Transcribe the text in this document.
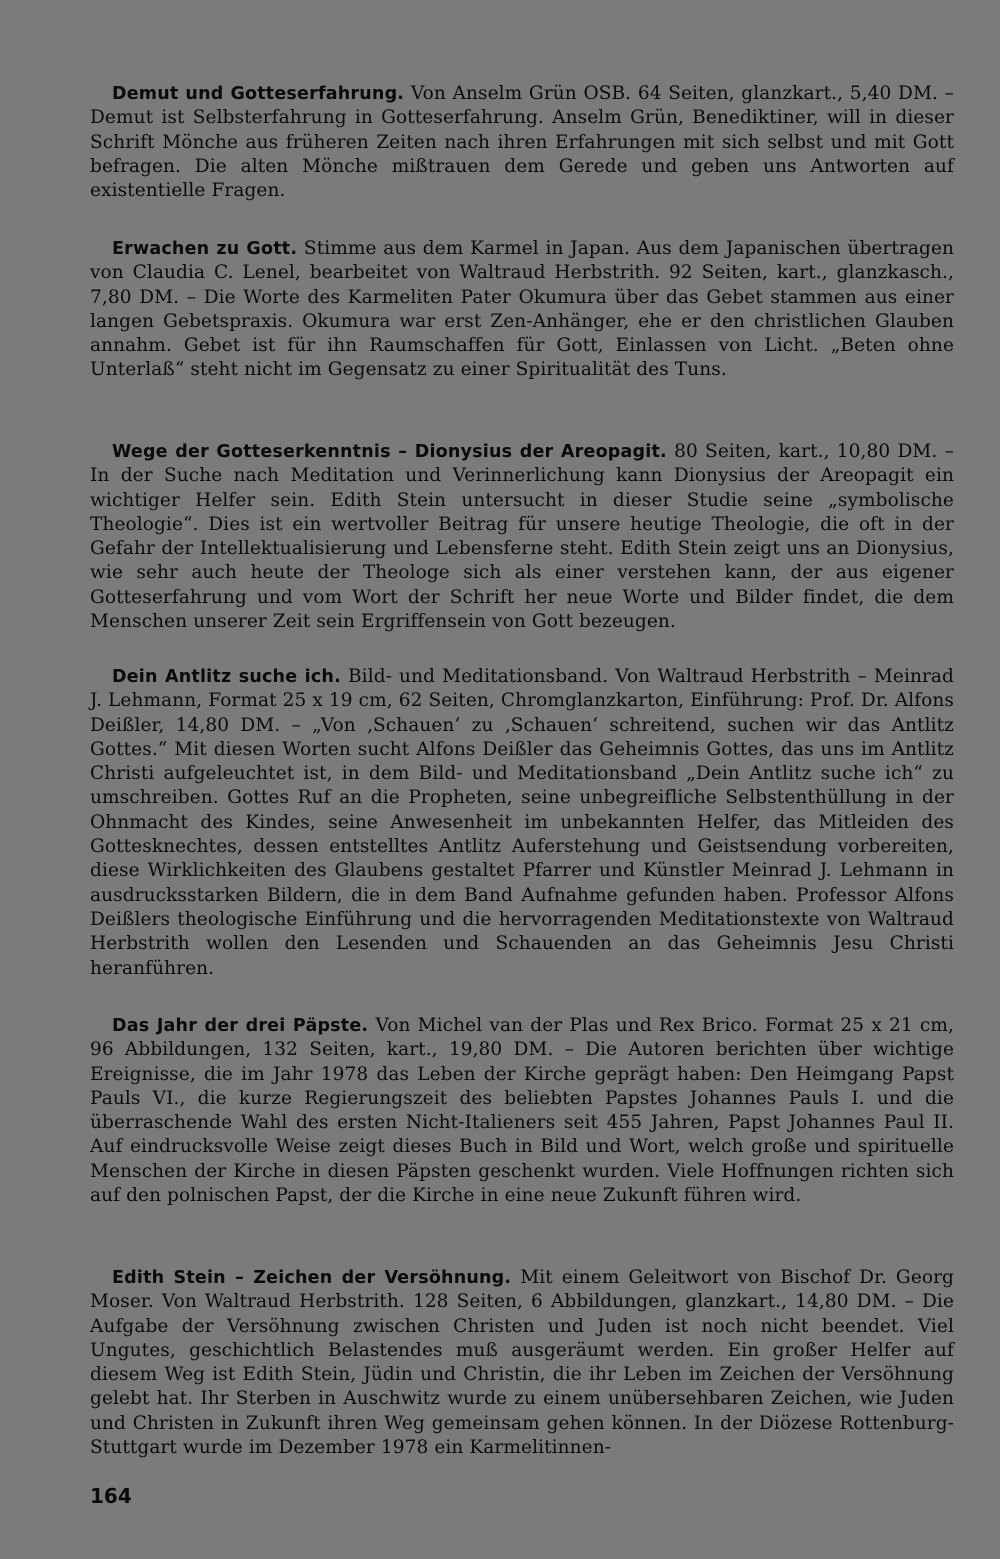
Demut und Gotteserfahrung. Von Anselm Grün OSB. 64 Seiten, glanzkart., 5,40 DM. – Demut ist Selbsterfahrung in Gotteserfahrung. Anselm Grün, Benediktiner, will in dieser Schrift Mönche aus früheren Zeiten nach ihren Erfahrungen mit sich selbst und mit Gott befragen. Die alten Mönche mißtrauen dem Gerede und geben uns Antworten auf existentielle Fragen.

Erwachen zu Gott. Stimme aus dem Karmel in Japan. Aus dem Japanischen übertragen von Claudia C. Lenel, bearbeitet von Waltraud Herbstrith. 92 Seiten, kart., glanzkasch., 7,80 DM. – Die Worte des Karmeliten Pater Okumura über das Gebet stammen aus einer langen Gebetspraxis. Okumura war erst Zen-Anhänger, ehe er den christlichen Glauben annahm. Gebet ist für ihn Raumschaffen für Gott, Einlassen von Licht. „Beten ohne Unterlaß“ steht nicht im Gegensatz zu einer Spiritualität des Tuns.

Wege der Gotteserkenntnis – Dionysius der Areopagit. 80 Seiten, kart., 10,80 DM. – In der Suche nach Meditation und Verinnerlichung kann Dionysius der Areopagit ein wichtiger Helfer sein. Edith Stein untersucht in dieser Studie seine „symbolische Theologie“. Dies ist ein wertvoller Beitrag für unsere heutige Theologie, die oft in der Gefahr der Intellektualisierung und Lebensferne steht. Edith Stein zeigt uns an Dionysius, wie sehr auch heute der Theologe sich als einer verstehen kann, der aus eigener Gotteserfahrung und vom Wort der Schrift her neue Worte und Bilder findet, die dem Menschen unserer Zeit sein Ergriffensein von Gott bezeugen.

Dein Antlitz suche ich. Bild- und Meditationsband. Von Waltraud Herbstrith – Meinrad J. Lehmann, Format 25 x 19 cm, 62 Seiten, Chromglanzkarton, Einführung: Prof. Dr. Alfons Deißler, 14,80 DM. – „Von ‚Schauen‘ zu ‚Schauen‘ schreitend, suchen wir das Antlitz Gottes.“ Mit diesen Worten sucht Alfons Deißler das Geheimnis Gottes, das uns im Antlitz Christi aufgeleuchtet ist, in dem Bild- und Meditationsband „Dein Antlitz suche ich“ zu umschreiben. Gottes Ruf an die Propheten, seine unbegreifliche Selbstenthüllung in der Ohnmacht des Kindes, seine Anwesenheit im unbekannten Helfer, das Mitleiden des Gottesknechtes, dessen entstelltes Antlitz Auferstehung und Geistsendung vorbereiten, diese Wirklichkeiten des Glaubens gestaltet Pfarrer und Künstler Meinrad J. Lehmann in ausdrucksstarken Bildern, die in dem Band Aufnahme gefunden haben. Professor Alfons Deißlers theologische Einführung und die hervorragenden Meditationstexte von Waltraud Herbstrith wollen den Lesenden und Schauenden an das Geheimnis Jesu Christi heranführen.

Das Jahr der drei Päpste. Von Michel van der Plas und Rex Brico. Format 25 x 21 cm, 96 Abbildungen, 132 Seiten, kart., 19,80 DM. – Die Autoren berichten über wichtige Ereignisse, die im Jahr 1978 das Leben der Kirche geprägt haben: Den Heimgang Papst Pauls VI., die kurze Regierungszeit des beliebten Papstes Johannes Pauls I. und die überraschende Wahl des ersten Nicht-Italieners seit 455 Jahren, Papst Johannes Paul II. Auf eindrucksvolle Weise zeigt dieses Buch in Bild und Wort, welch große und spirituelle Menschen der Kirche in diesen Päpsten geschenkt wurden. Viele Hoffnungen richten sich auf den polnischen Papst, der die Kirche in eine neue Zukunft führen wird.

Edith Stein – Zeichen der Versöhnung. Mit einem Geleitwort von Bischof Dr. Georg Moser. Von Waltraud Herbstrith. 128 Seiten, 6 Abbildungen, glanzkart., 14,80 DM. – Die Aufgabe der Versöhnung zwischen Christen und Juden ist noch nicht beendet. Viel Ungutes, geschichtlich Belastendes muß ausgeräumt werden. Ein großer Helfer auf diesem Weg ist Edith Stein, Jüdin und Christin, die ihr Leben im Zeichen der Versöhnung gelebt hat. Ihr Sterben in Auschwitz wurde zu einem unübersehbaren Zeichen, wie Juden und Christen in Zukunft ihren Weg gemeinsam gehen können. In der Diözese Rottenburg-Stuttgart wurde im Dezember 1978 ein Karmelitinnen-

164
